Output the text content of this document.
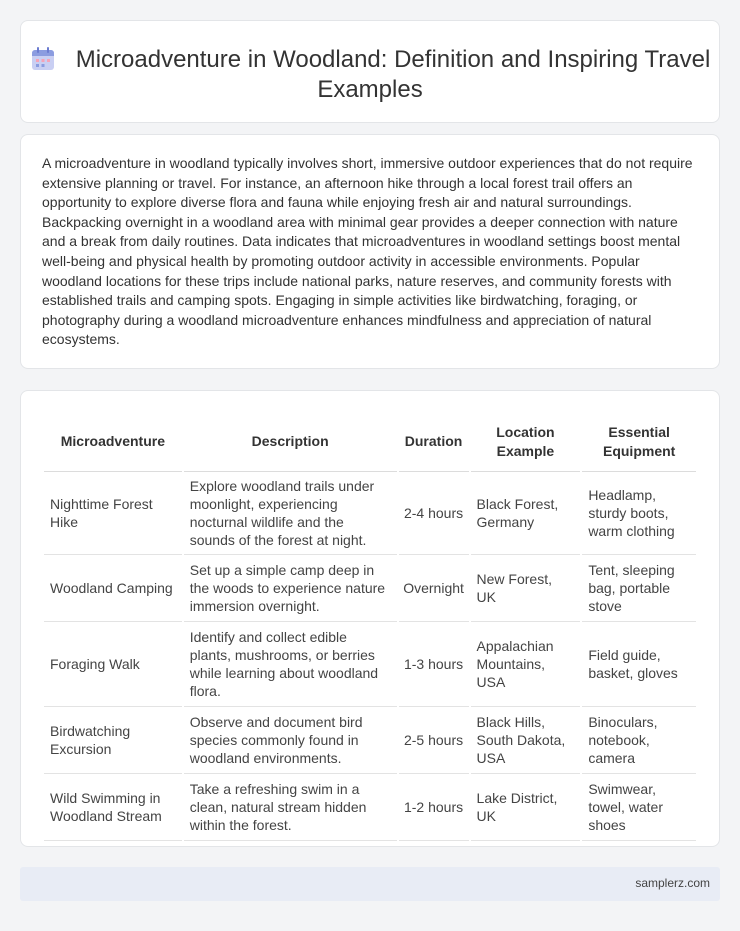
Microadventure in Woodland: Definition and Inspiring Travel Examples

A microadventure in woodland typically involves short, immersive outdoor experiences that do not require extensive planning or travel. For instance, an afternoon hike through a local forest trail offers an opportunity to explore diverse flora and fauna while enjoying fresh air and natural surroundings. Backpacking overnight in a woodland area with minimal gear provides a deeper connection with nature and a break from daily routines. Data indicates that microadventures in woodland settings boost mental well-being and physical health by promoting outdoor activity in accessible environments. Popular woodland locations for these trips include national parks, nature reserves, and community forests with established trails and camping spots. Engaging in simple activities like birdwatching, foraging, or photography during a woodland microadventure enhances mindfulness and appreciation of natural ecosystems.

Microadventure	Description	Duration	Location Example	Essential Equipment
Nighttime Forest Hike	Explore woodland trails under moonlight, experiencing nocturnal wildlife and the sounds of the forest at night.	2-4 hours	Black Forest, Germany	Headlamp, sturdy boots, warm clothing
Woodland Camping	Set up a simple camp deep in the woods to experience nature immersion overnight.	Overnight	New Forest, UK	Tent, sleeping bag, portable stove
Foraging Walk	Identify and collect edible plants, mushrooms, or berries while learning about woodland flora.	1-3 hours	Appalachian Mountains, USA	Field guide, basket, gloves
Birdwatching Excursion	Observe and document bird species commonly found in woodland environments.	2-5 hours	Black Hills, South Dakota, USA	Binoculars, notebook, camera
Wild Swimming in Woodland Stream	Take a refreshing swim in a clean, natural stream hidden within the forest.	1-2 hours	Lake District, UK	Swimwear, towel, water shoes
samplerz.com
